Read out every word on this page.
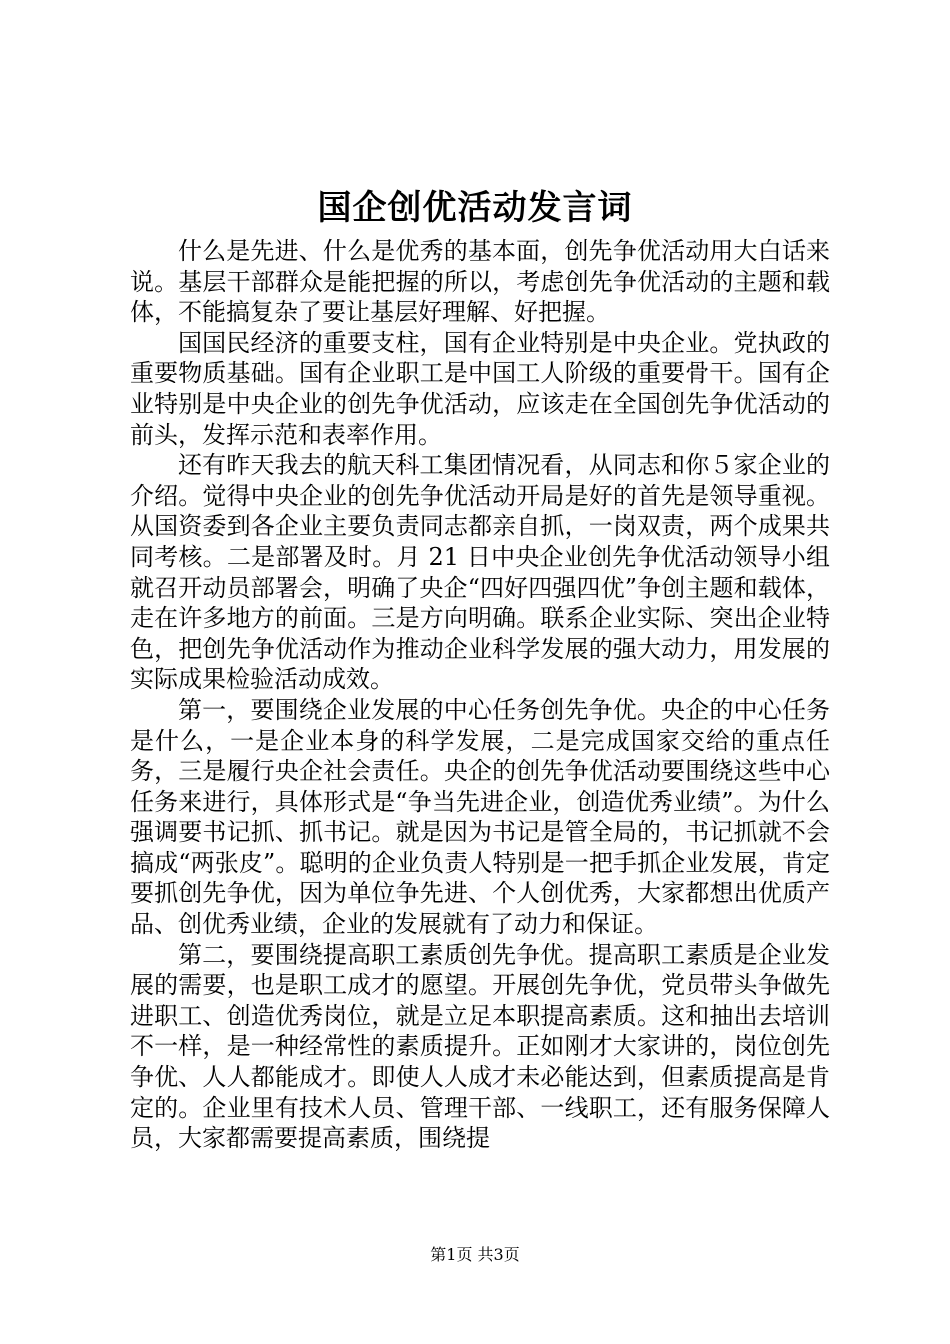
国企创优活动发言词

什么是先进、什么是优秀的基本面，创先争优活动用大白话来说。基层干部群众是能把握的所以，考虑创先争优活动的主题和载体，不能搞复杂了要让基层好理解、好把握。

国国民经济的重要支柱，国有企业特别是中央企业。党执政的重要物质基础。国有企业职工是中国工人阶级的重要骨干。国有企业特别是中央企业的创先争优活动，应该走在全国创先争优活动的前头，发挥示范和表率作用。

还有昨天我去的航天科工集团情况看，从同志和你５家企业的介绍。觉得中央企业的创先争优活动开局是好的首先是领导重视。从国资委到各企业主要负责同志都亲自抓，一岗双责，两个成果共同考核。二是部署及时。月 21 日中央企业创先争优活动领导小组就召开动员部署会，明确了央企“四好四强四优”争创主题和载体，走在许多地方的前面。三是方向明确。联系企业实际、突出企业特色，把创先争优活动作为推动企业科学发展的强大动力，用发展的实际成果检验活动成效。

第一，要围绕企业发展的中心任务创先争优。央企的中心任务是什么，一是企业本身的科学发展，二是完成国家交给的重点任务，三是履行央企社会责任。央企的创先争优活动要围绕这些中心任务来进行，具体形式是“争当先进企业，创造优秀业绩”。为什么强调要书记抓、抓书记。就是因为书记是管全局的，书记抓就不会搞成“两张皮”。聪明的企业负责人特别是一把手抓企业发展，肯定要抓创先争优，因为单位争先进、个人创优秀，大家都想出优质产品、创优秀业绩，企业的发展就有了动力和保证。

第二，要围绕提高职工素质创先争优。提高职工素质是企业发展的需要，也是职工成才的愿望。开展创先争优，党员带头争做先进职工、创造优秀岗位，就是立足本职提高素质。这和抽出去培训不一样，是一种经常性的素质提升。正如刚才大家讲的，岗位创先争优、人人都能成才。即使人人成才未必能达到，但素质提高是肯定的。企业里有技术人员、管理干部、一线职工，还有服务保障人员，大家都需要提高素质，围绕提

第1页 共3页
